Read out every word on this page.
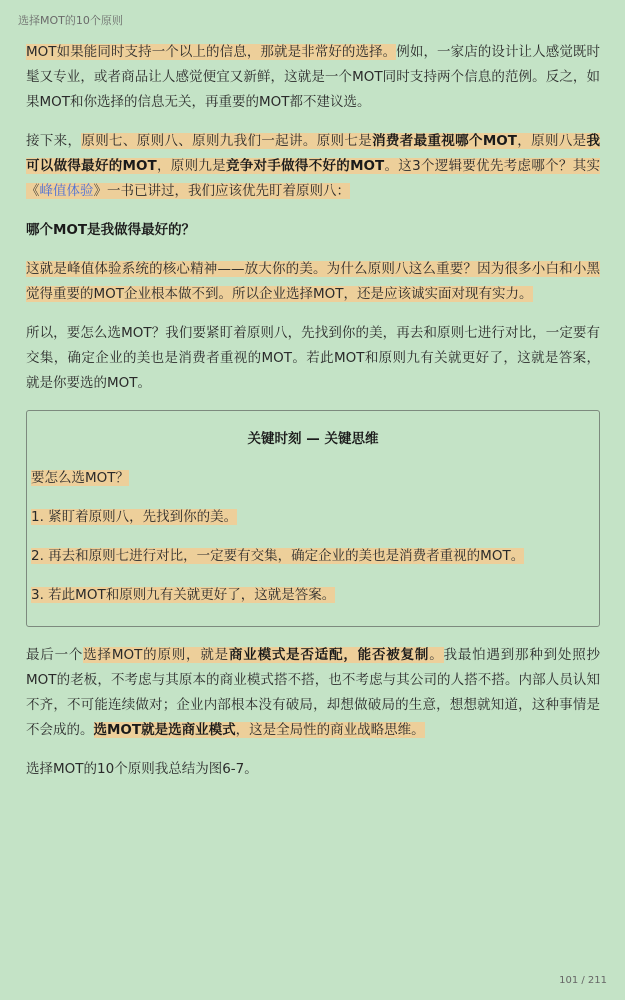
选择MOT的10个原则

MOT如果能同时支持一个以上的信息，那就是非常好的选择。例如，一家店的设计让人感觉既时髦又专业，或者商品让人感觉便宜又新鲜，这就是一个MOT同时支持两个信息的范例。反之，如果MOT和你选择的信息无关，再重要的MOT都不建议选。

接下来，原则七、原则八、原则九我们一起讲。原则七是消费者最重视哪个MOT，原则八是我可以做得最好的MOT，原则九是竞争对手做得不好的MOT。这3个逻辑要优先考虑哪个？其实《峰值体验》一书已讲过，我们应该优先盯着原则八：

哪个MOT是我做得最好的？

这就是峰值体验系统的核心精神——放大你的美。为什么原则八这么重要？因为很多小白和小黑觉得重要的MOT企业根本做不到。所以企业选择MOT，还是应该诚实面对现有实力。

所以，要怎么选MOT？我们要紧盯着原则八，先找到你的美，再去和原则七进行对比，一定要有交集，确定企业的美也是消费者重视的MOT。若此MOT和原则九有关就更好了，这就是答案，就是你要选的MOT。

关键时刻 — 关键思维

要怎么选MOT？

1. 紧盯着原则八，先找到你的美。

2. 再去和原则七进行对比，一定要有交集，确定企业的美也是消费者重视的MOT。

3. 若此MOT和原则九有关就更好了，这就是答案。

最后一个选择MOT的原则，就是商业模式是否适配，能否被复制。我最怕遇到那种到处照抄MOT的老板，不考虑与其原本的商业模式搭不搭，也不考虑与其公司的人搭不搭。内部人员认知不齐，不可能连续做对；企业内部根本没有破局，却想做破局的生意，想想就知道，这种事情是不会成的。选MOT就是选商业模式，这是全局性的商业战略思维。

选择MOT的10个原则我总结为图6-7。

101 / 211
